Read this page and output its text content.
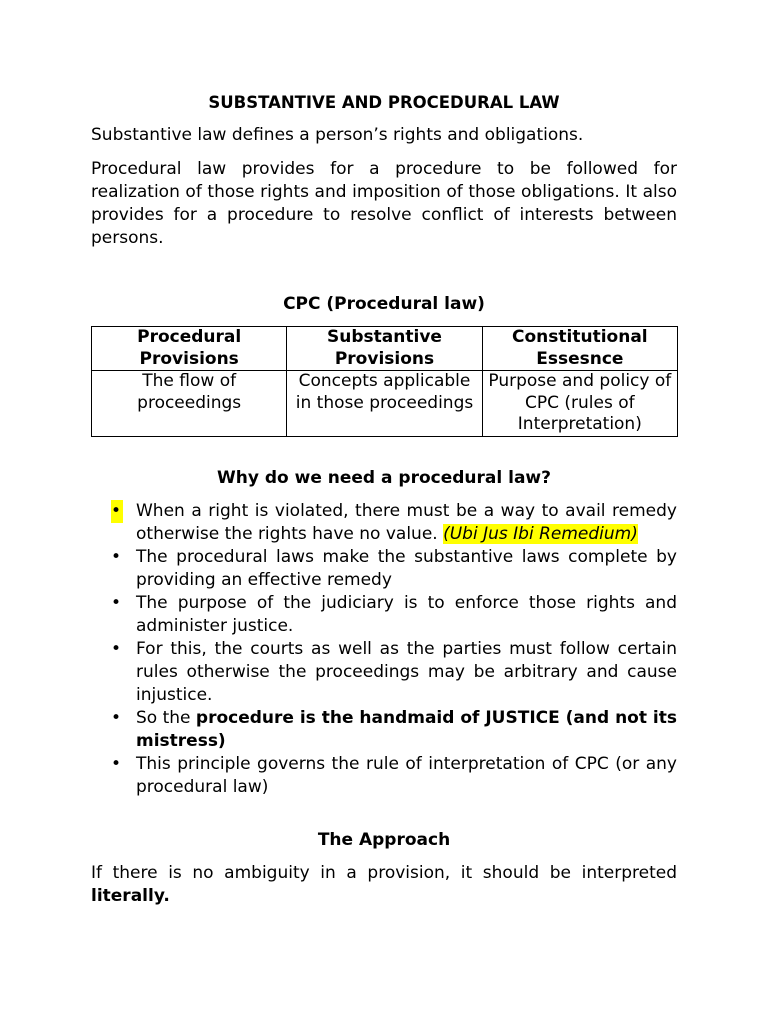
SUBSTANTIVE AND PROCEDURAL LAW

Substantive law defines a person’s rights and obligations.

Procedural law provides for a procedure to be followed for realization of those rights and imposition of those obligations. It also provides for a procedure to resolve conflict of interests between persons.

CPC (Procedural law)
Procedural Provisions	Substantive Provisions	Constitutional Essesnce
The flow of proceedings	Concepts applicable in those proceedings	Purpose and policy of CPC (rules of Interpretation)
Why do we need a procedural law?
• When a right is violated, there must be a way to avail remedy otherwise the rights have no value. (Ubi Jus Ibi Remedium)
• The procedural laws make the substantive laws complete by providing an effective remedy
• The purpose of the judiciary is to enforce those rights and administer justice.
• For this, the courts as well as the parties must follow certain rules otherwise the proceedings may be arbitrary and cause injustice.
• So the procedure is the handmaid of JUSTICE (and not its mistress)
• This principle governs the rule of interpretation of CPC (or any procedural law)
The Approach

If there is no ambiguity in a provision, it should be interpreted literally.
